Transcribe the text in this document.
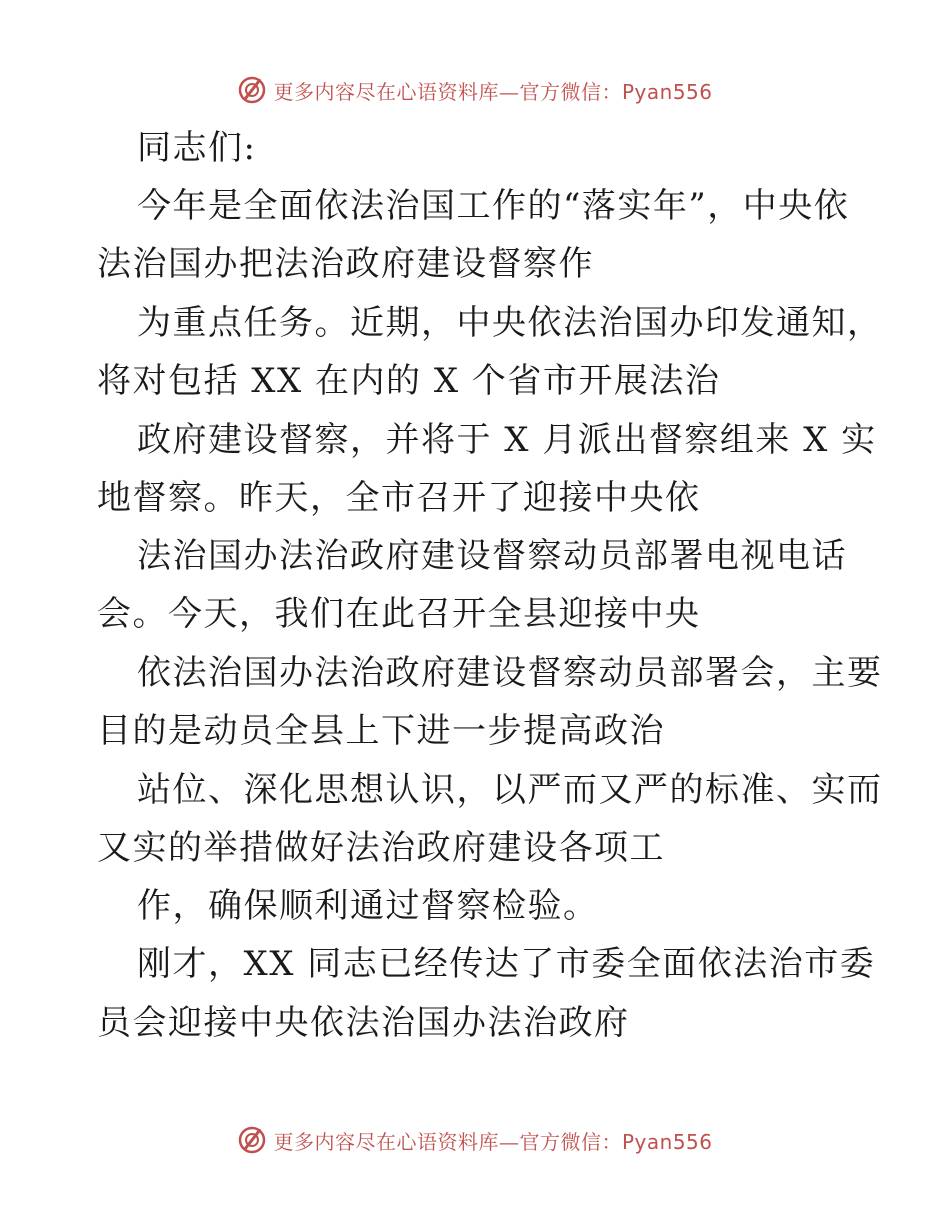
更多内容尽在心语资料库—官方微信：Pyan556
同志们:
今年是全面依法治国工作的“落实年”，中央依
法治国办把法治政府建设督察作
为重点任务。近期，中央依法治国办印发通知，
将对包括 XX 在内的 X 个省市开展法治
政府建设督察，并将于 X 月派出督察组来 X 实
地督察。昨天，全市召开了迎接中央依
法治国办法治政府建设督察动员部署电视电话
会。今天，我们在此召开全县迎接中央
依法治国办法治政府建设督察动员部署会，主要
目的是动员全县上下进一步提高政治
站位、深化思想认识，以严而又严的标准、实而
又实的举措做好法治政府建设各项工
作，确保顺利通过督察检验。
刚才，XX 同志已经传达了市委全面依法治市委
员会迎接中央依法治国办法治政府
更多内容尽在心语资料库—官方微信：Pyan556
